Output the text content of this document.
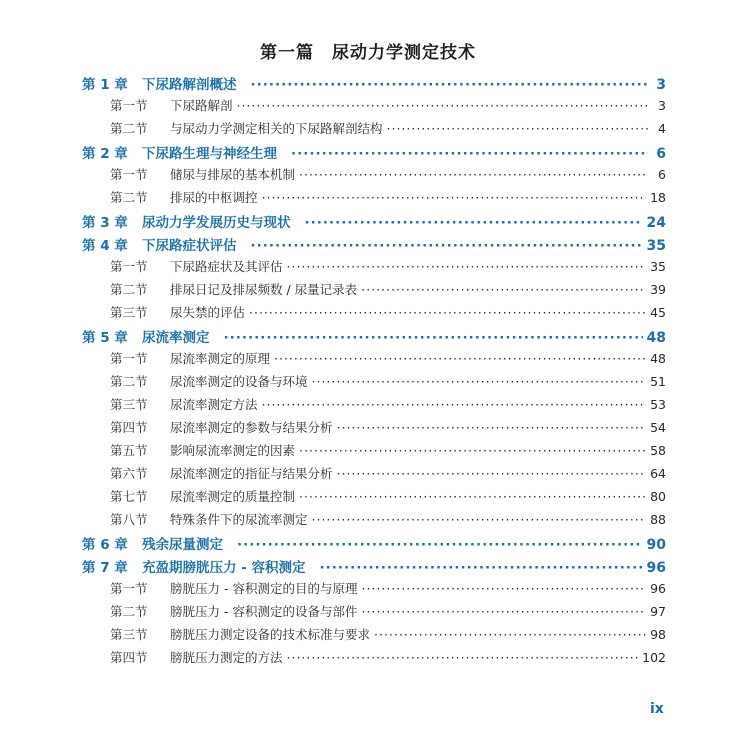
第一篇　尿动力学测定技术
第 1 章	下尿路解剖概述 ·····	3
第一节	下尿路解剖 ·····	3
第二节	与尿动力学测定相关的下尿路解剖结构 ·····	4
第 2 章	下尿路生理与神经生理 ·····	6
第一节	储尿与排尿的基本机制 ·····	6
第二节	排尿的中枢调控 ·····	18
第 3 章	尿动力学发展历史与现状 ·····	24
第 4 章	下尿路症状评估 ·····	35
第一节	下尿路症状及其评估 ·····	35
第二节	排尿日记及排尿频数 / 尿量记录表 ·····	39
第三节	尿失禁的评估 ·····	45
第 5 章	尿流率测定 ·····	48
第一节	尿流率测定的原理 ·····	48
第二节	尿流率测定的设备与环境 ·····	51
第三节	尿流率测定方法 ·····	53
第四节	尿流率测定的参数与结果分析 ·····	54
第五节	影响尿流率测定的因素 ·····	58
第六节	尿流率测定的指征与结果分析 ·····	64
第七节	尿流率测定的质量控制 ·····	80
第八节	特殊条件下的尿流率测定 ·····	88
第 6 章	残余尿量测定 ·····	90
第 7 章	充盈期膀胱压力 - 容积测定 ·····	96
第一节	膀胱压力 - 容积测定的目的与原理 ·····	96
第二节	膀胱压力 - 容积测定的设备与部件 ·····	97
第三节	膀胱压力测定设备的技术标准与要求 ·····	98
第四节	膀胱压力测定的方法 ·····	102
ix
